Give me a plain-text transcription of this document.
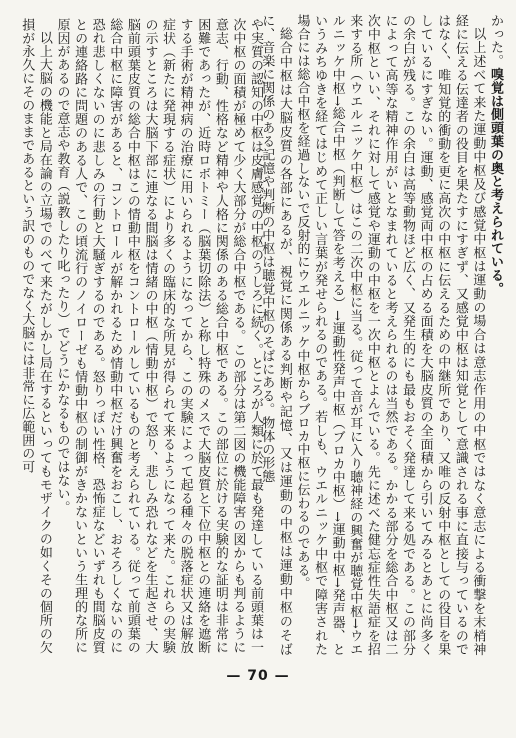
かった。嗅覚は側頭葉の奥と考えられている。

以上述べて来た運動中枢及び感覚中枢は運動の場合は意志作用の中枢ではなく意志による衝撃を末梢神経に伝える伝達者の役目を果たすにすぎず、又感覚中枢は知覚として意識される事に直接与っているのではなく、唯知覚的衝動を更に高次の中枢に伝えるための中継所であり、又唯の反射中枢としての役目を果しているにすぎない。運動、感覚両中枢の占める面積を大脳皮質の全面積から引いてみるとあとに尚多くの余白が残る。この余白は高等動物ほど広く、又発生的にも最もおそく発達して来る処である。この部分によって高等な精神作用がいとなまれていると考えられるのは当然である。かかる部分を総合中枢又は二次中枢といい、それに対して感覚や運動の中枢を一次中枢とよんでいる。先に述べた健忘症性失語症を招来する所（ウエルニッケ中枢）はこの二次中枢に当る。従って音が耳に入り聴神経の興奮が聴覚中枢→ウエルニッケ中枢→総合中枢（判断して答を考える）→運動性発声中枢（ブロカ中枢）→運動中枢→発声器、というみちゆきを経てはじめて正しい言葉が発せられるのである。若しも、ウエルニッケ中枢で障害された場合には総合中枢を経過しないで反射的にウエルニッケ中枢からブロカ中枢に伝わるのである。

総合中枢は大脳皮質の各部にあるが、視覚に関係ある判断や記憶、又は運動の中枢は運動中枢のそばに、音楽に関係のある記憶や判断の中枢は聴覚中枢のそばにある。物体の形態

や実質の認知の中枢は皮膚感覚の中枢のうしろに続く。ところが人類に於て最も発達している前頭葉は一次中枢の面積が極めて少く大部分が総合中枢である。この部分は第二図の機能障害の図からも判るように意志、行動、性格など精神や人格に関係のある総合中枢である。この部位に於ける実験的な証明は非常に困難であったが、近時ロボトミー（脳葉切除法）と称し特殊のメスで大脳皮質と下位中枢との連絡を遮断する手術が精神病の治療に用いられるようになってから、この実験によって起る種々の脱落症状又は解放症状（新たに発現する症状）により多くの臨床的な所見が得られて来るようになって来た。これらの実験の示すところは大脳下部に連なる間脳は情緒の中枢（情動中枢）で怒り、悲しみ恐れなどを生起させ、大脳前頭葉皮質の総合中枢はこの情動中枢をコントロールしているものと考えられている。従って前頭葉の総合中枢に障害があると、コントロールが解かれるため情動中枢だけ興奮をおこし、おそろしくないのに恐れ悲しくないのに悲しみの行動と大騒ぎするのである。怒りっぽい性格、恐怖症などいずれも間脳皮質との連絡路に問題のある人で、この頃流行のノイローゼも情動中枢の制御がきかないという生理的な所に原因があるので意志や教育（説教したり叱ったり）でどうにかなるものではない。

以上大脳の機能と局在論の立場でのべて来たがしかし局在するといってもモザイクの如くその個所の欠損が永久にそのままであるという訳のものでなく大脳には非常に広範囲の可

— 70 —
